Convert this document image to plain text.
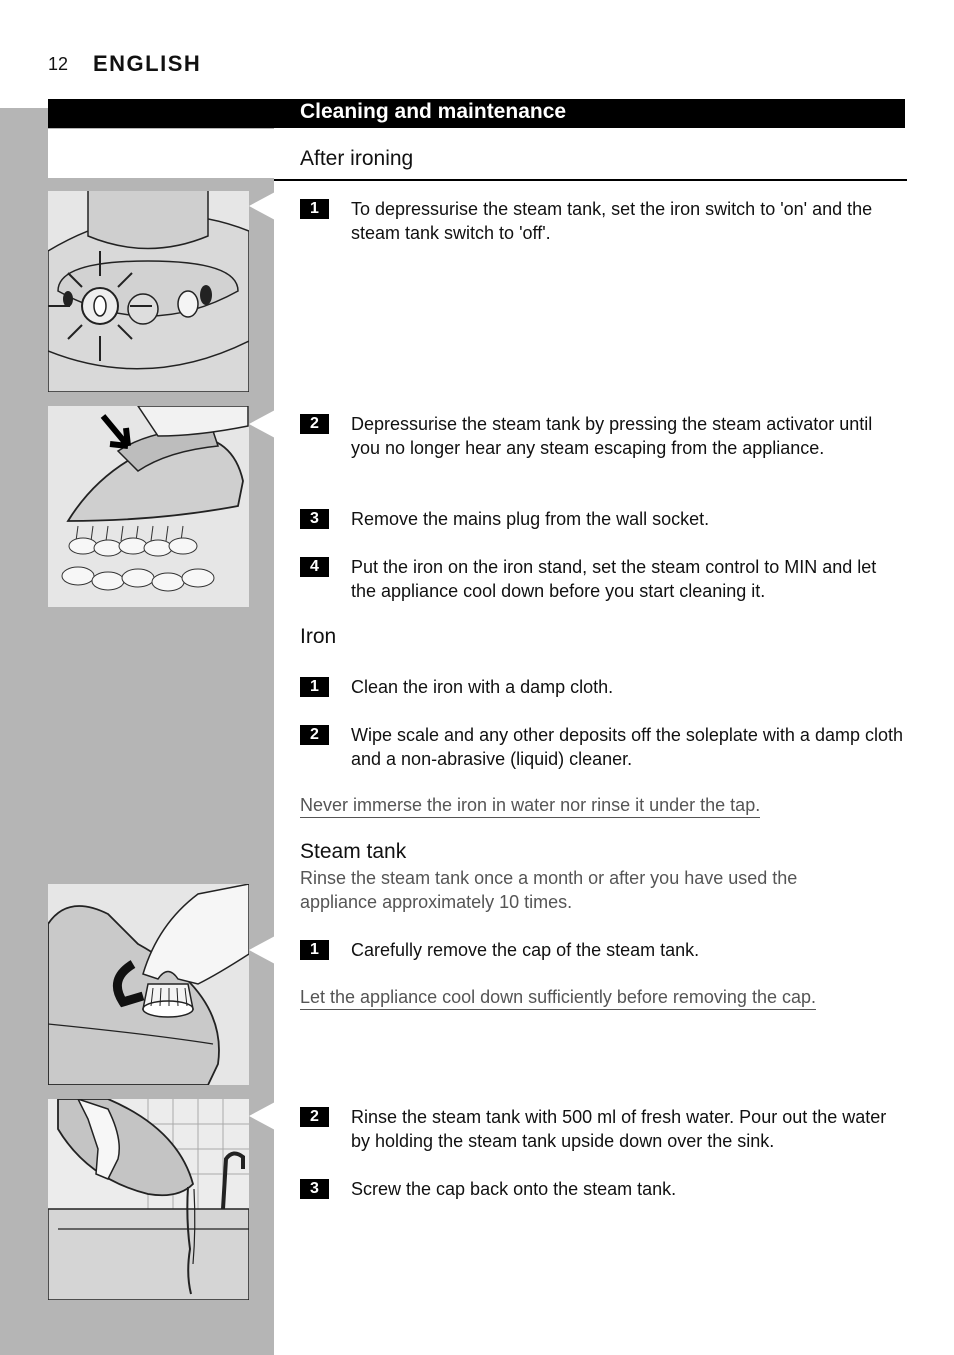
12 ENGLISH
Cleaning and maintenance
After ironing
1	To depressurise the steam tank, set the iron switch to 'on' and the steam tank switch to 'off'.
2	Depressurise the steam tank by pressing the steam activator until you no longer hear any steam escaping from the appliance.
3	Remove the mains plug from the wall socket.
4	Put the iron on the iron stand, set the steam control to MIN and let the appliance cool down before you start cleaning it.
Iron
1	Clean the iron with a damp cloth.
2	Wipe scale and any other deposits off the soleplate with a damp cloth and a non-abrasive (liquid) cleaner.
Never immerse the iron in water nor rinse it under the tap.
Steam tank
Rinse the steam tank once a month or after you have used the appliance approximately 10 times.
1	Carefully remove the cap of the steam tank.
Let the appliance cool down sufficiently before removing the cap.
2	Rinse the steam tank with 500 ml of fresh water. Pour out the water by holding the steam tank upside down over the sink.
3	Screw the cap back onto the steam tank.
